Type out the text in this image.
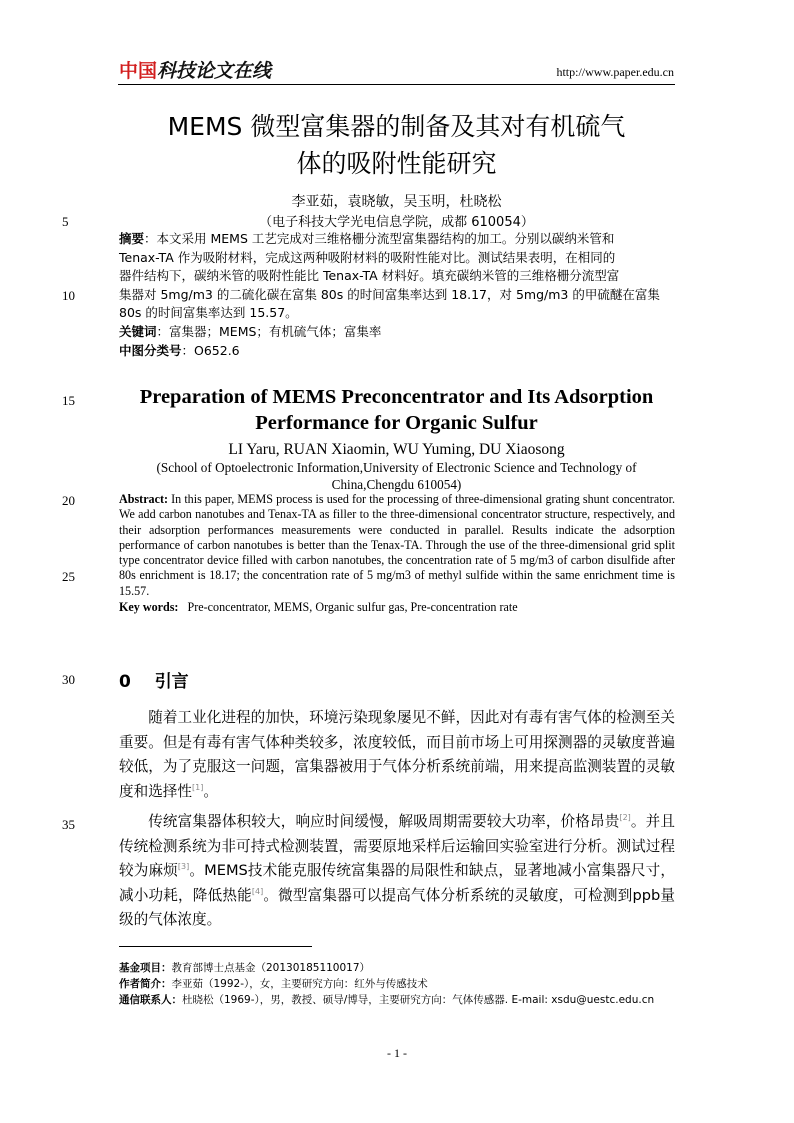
中国 科技论文在线	http://www.paper.edu.cn
MEMS 微型富集器的制备及其对有机硫气
体的吸附性能研究
李亚茹，袁晓敏，吴玉明，杜晓松
（电子科技大学光电信息学院，成都 610054）
5
10
15
20
25
30
35
摘要：本文采用 MEMS 工艺完成对三维格栅分流型富集器结构的加工。分别以碳纳米管和
Tenax-TA 作为吸附材料，完成这两种吸附材料的吸附性能对比。测试结果表明，在相同的
器件结构下，碳纳米管的吸附性能比 Tenax-TA 材料好。填充碳纳米管的三维格栅分流型富
集器对 5mg/m3 的二硫化碳在富集 80s 的时间富集率达到 18.17，对 5mg/m3 的甲硫醚在富集
80s 的时间富集率达到 15.57。
关键词：富集器；MEMS；有机硫气体；富集率
中图分类号：O652.6
Preparation of MEMS Preconcentrator and Its Adsorption
Performance for Organic Sulfur
LI Yaru, RUAN Xiaomin, WU Yuming, DU Xiaosong
(School of Optoelectronic Information,University of Electronic Science and Technology of
China,Chengdu 610054)
Abstract: In this paper, MEMS process is used for the processing of three-dimensional grating shunt concentrator. We add carbon nanotubes and Tenax-TA as filler to the three-dimensional concentrator structure, respectively, and their adsorption performances measurements were conducted in parallel. Results indicate the adsorption performance of carbon nanotubes is better than the Tenax-TA. Through the use of the three-dimensional grid split type concentrator device filled with carbon nanotubes, the concentration rate of 5 mg/m3 of carbon disulfide after 80s enrichment is 18.17; the concentration rate of 5 mg/m3 of methyl sulfide within the same enrichment time is 15.57.
Key words:   Pre-concentrator, MEMS, Organic sulfur gas, Pre-concentration rate
0 引言

随着工业化进程的加快，环境污染现象屡见不鲜，因此对有毒有害气体的检测至关重要。但是有毒有害气体种类较多，浓度较低，而目前市场上可用探测器的灵敏度普遍较低，为了克服这一问题，富集器被用于气体分析系统前端，用来提高监测装置的灵敏度和选择性[1]。

传统富集器体积较大，响应时间缓慢，解吸周期需要较大功率，价格昂贵[2]。并且传统检测系统为非可持式检测装置，需要原地采样后运输回实验室进行分析。测试过程较为麻烦[3]。MEMS技术能克服传统富集器的局限性和缺点，显著地减小富集器尺寸，减小功耗，降低热能[4]。微型富集器可以提高气体分析系统的灵敏度，可检测到ppb量级的气体浓度。

基金项目：教育部博士点基金（20130185110017）
作者简介：李亚茹（1992-），女，主要研究方向：红外与传感技术
通信联系人：杜晓松（1969-），男，教授、硕导/博导，主要研究方向：气体传感器. E-mail: xsdu@uestc.edu.cn
- 1 -
